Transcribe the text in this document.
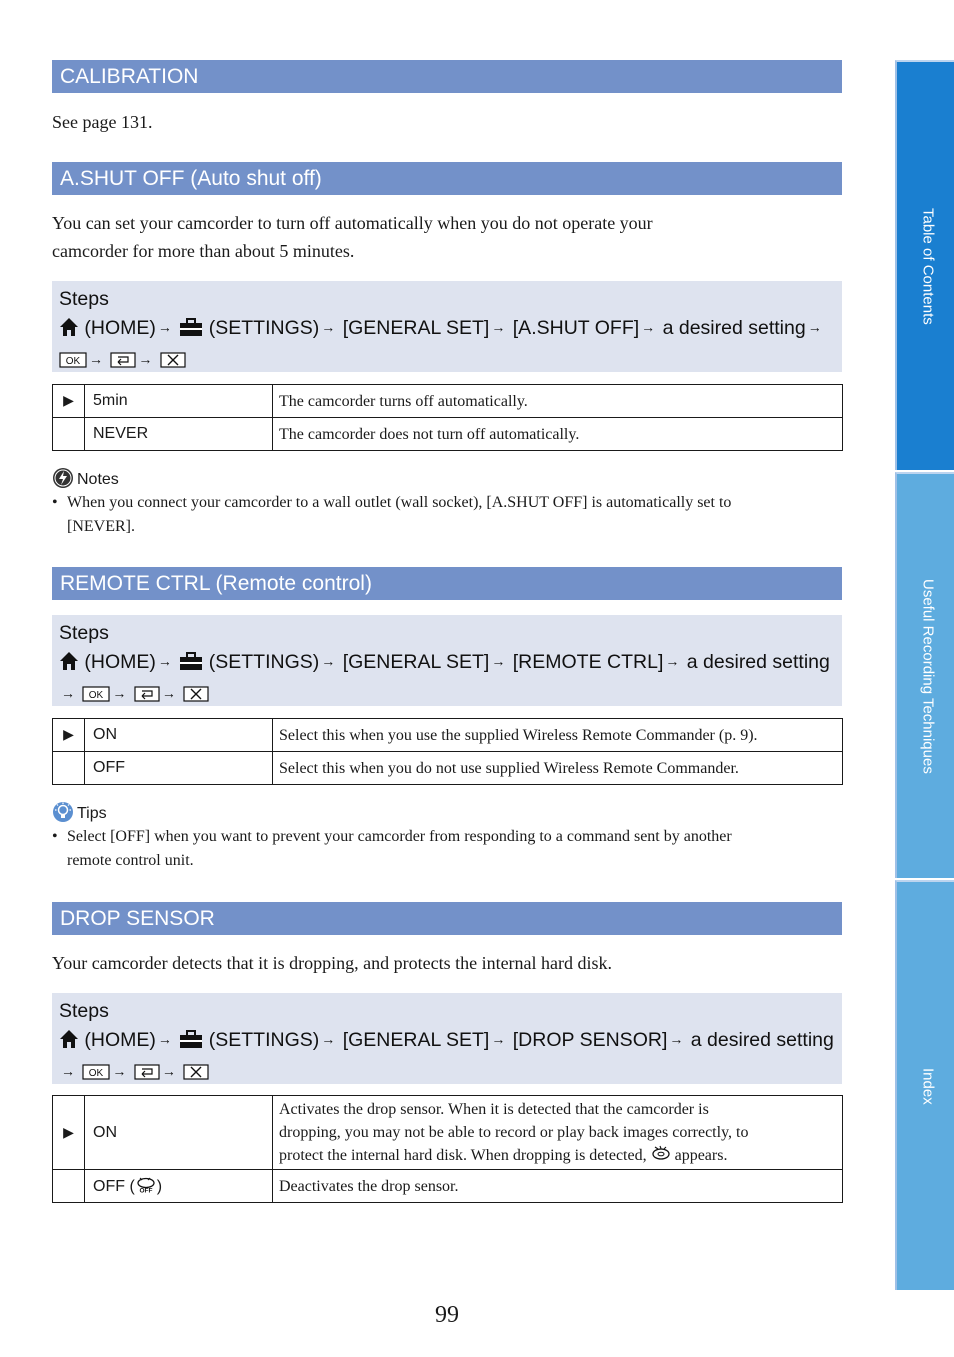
CALIBRATION
See page 131.
A.SHUT OFF (Auto shut off)
You can set your camcorder to turn off automatically when you do not operate your
camcorder for more than about 5 minutes.
Steps
(HOME) → (SETTINGS) → [GENERAL SET] → [A.SHUT OFF] → a desired setting →
OK →	→
▶	5min	The camcorder turns off automatically.
	NEVER	The camcorder does not turn off automatically.
Notes
• When you connect your camcorder to a wall outlet (wall socket), [A.SHUT OFF] is automatically set to
[NEVER].
REMOTE CTRL (Remote control)
Steps
(HOME) → (SETTINGS) → [GENERAL SET] → [REMOTE CTRL] → a desired setting
→ OK →	→
▶	ON	Select this when you use the supplied Wireless Remote Commander (p. 9).
	OFF	Select this when you do not use supplied Wireless Remote Commander.
Tips
• Select [OFF] when you want to prevent your camcorder from responding to a command sent by another
remote control unit.
DROP SENSOR
Your camcorder detects that it is dropping, and protects the internal hard disk.
Steps
(HOME) → (SETTINGS) → [GENERAL SET] → [DROP SENSOR] → a desired setting
→ OK →	→
▶	ON	Activates the drop sensor. When it is detected that the camcorder is
dropping, you may not be able to record or play back images correctly, to
protect the internal hard disk. When dropping is detected, appears.
	OFF ( OFF )	Deactivates the drop sensor.
Table of Contents
Useful Recording Techniques
Index
99
